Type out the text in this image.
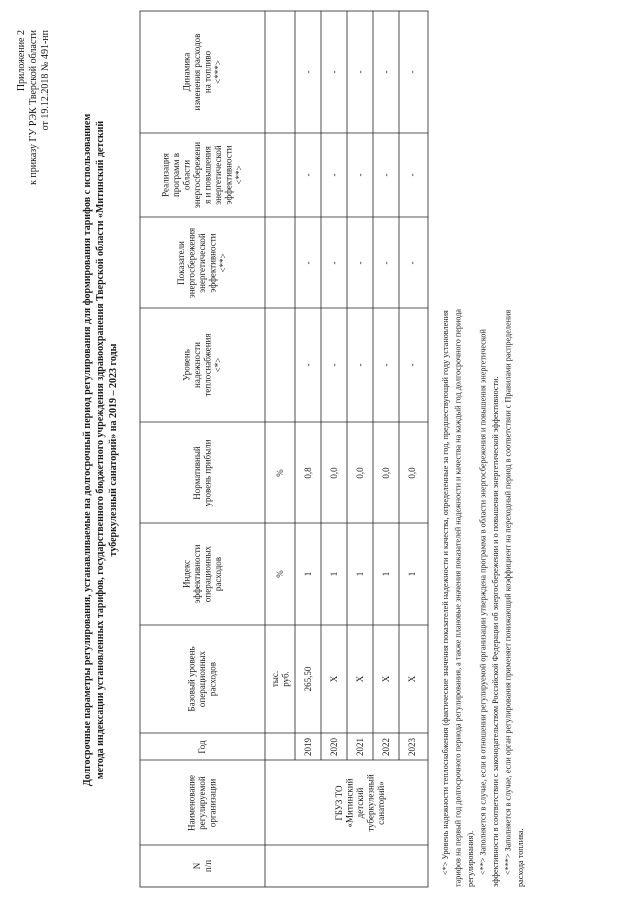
Приложение 2 к приказу ГУ РЭК Тверской области от 19.12.2018 № 491-нп
Долгосрочные параметры регулирования, устанавливаемые на долгосрочный период регулирования для формирования тарифов с использованием метода индексации установленных тарифов, государственного бюджетного учреждения здравоохранения Тверской области «Митинский детский туберкулезный санаторий» на 2019 – 2023 годы
N п/п
Наименование регулируемой организации
Год
Базовый уровень операционных расходов
Индекс эффективности операционных расходов
Нормативный уровень прибыли
Уровень надежности теплоснабжения <*>
Показатели энергосбережения энергетической эффективности <**>
Реализация программ в области энергосбережени я и повышения энергетической эффективности <**>
Динамика изменения расходов на топливо <***>
тыс. руб.
%
%
ГБУЗ ТО «Митинский детский туберкулезный санаторий»
2019
265,50
1
0,8
-
-
-
-
2020
Х
1
0,0
-
-
-
-
2021
Х
1
0,0
-
-
-
-
2022
Х
1
0,0
-
-
-
-
2023
Х
1
0,0
-
-
-
-
<*> Уровень надежности теплоснабжения (фактические значения показателей надежности и качества, определенные за год, предшествующий году установления тарифов на первый год долгосрочного периода регулирования, а также плановые значения показателей надежности и качества на каждый год долгосрочного периода регулирования). <**> Заполняется в случае, если в отношении регулируемой организации утверждена программа в области энергосбережения и повышения энергетической эффективности в соответствии с законодательством Российской Федерации об энергосбережении и о повышении энергетической эффективности. <***> Заполняется в случае, если орган регулирования применяет понижающий коэффициент на переходный период в соответствии с Правилами распределения расхода топлива.
